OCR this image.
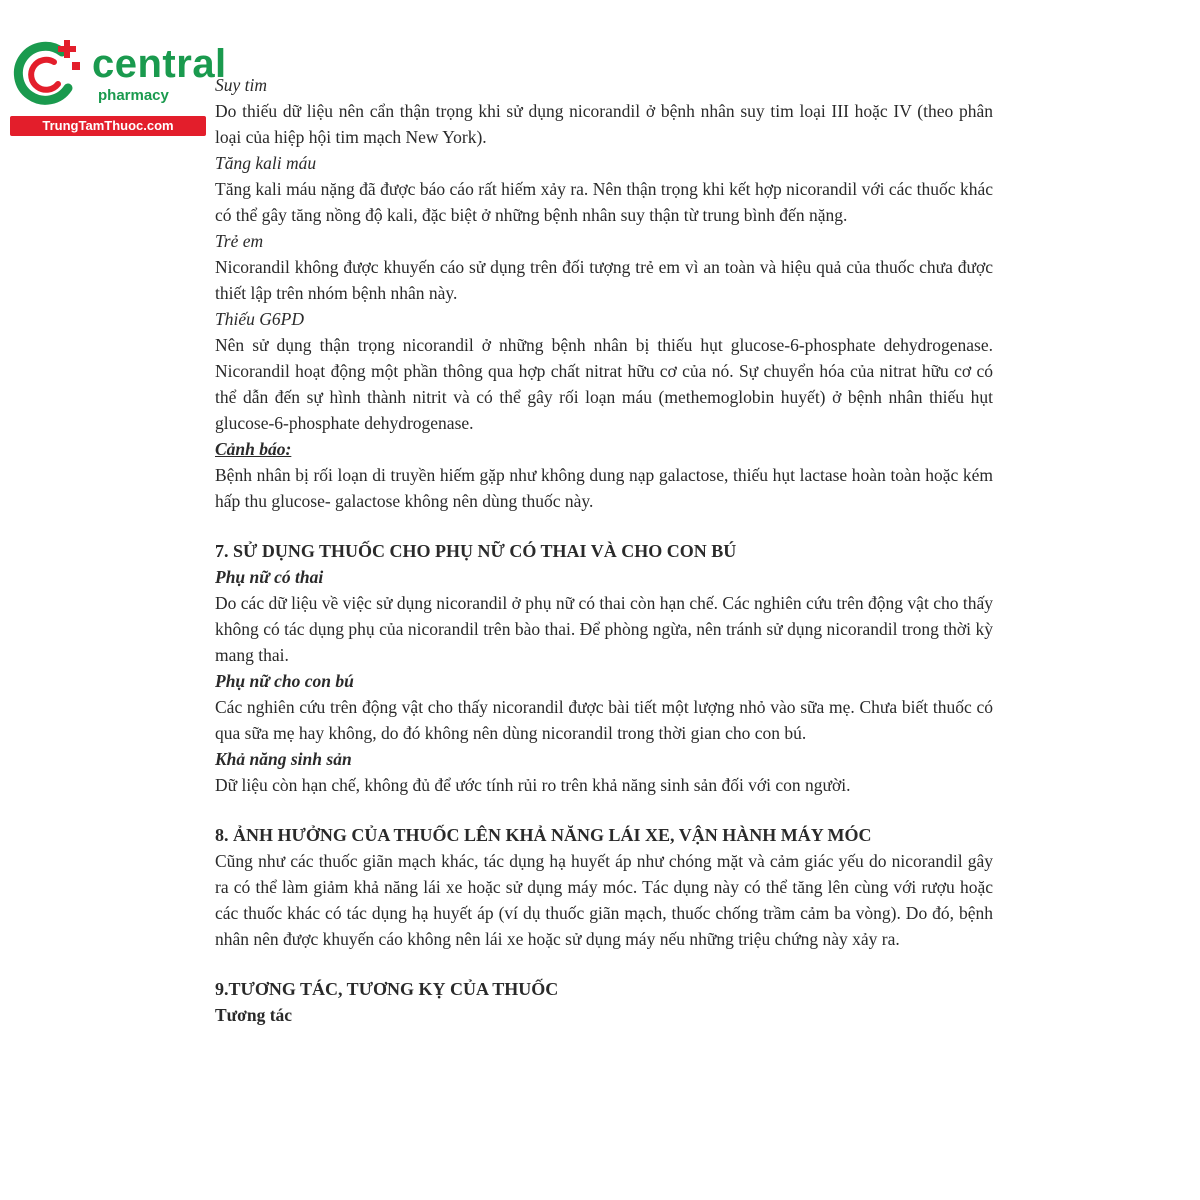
central
pharmacy
TrungTamThuoc.com
Suy tim
Do thiếu dữ liệu nên cẩn thận trọng khi sử dụng nicorandil ở bệnh nhân suy tim loại III hoặc IV (theo phân loại của hiệp hội tim mạch New York).
Tăng kali máu
Tăng kali máu nặng đã được báo cáo rất hiếm xảy ra. Nên thận trọng khi kết hợp nicorandil với các thuốc khác có thể gây tăng nồng độ kali, đặc biệt ở những bệnh nhân suy thận từ trung bình đến nặng.
Trẻ em
Nicorandil không được khuyến cáo sử dụng trên đối tượng trẻ em vì an toàn và hiệu quả của thuốc chưa được thiết lập trên nhóm bệnh nhân này.
Thiếu G6PD
Nên sử dụng thận trọng nicorandil ở những bệnh nhân bị thiếu hụt glucose-6-phosphate dehydrogenase. Nicorandil hoạt động một phần thông qua hợp chất nitrat hữu cơ của nó. Sự chuyển hóa của nitrat hữu cơ có thể dẫn đến sự hình thành nitrit và có thể gây rối loạn máu (methemoglobin huyết) ở bệnh nhân thiếu hụt glucose-6-phosphate dehydrogenase.
Cảnh báo:
Bệnh nhân bị rối loạn di truyền hiếm gặp như không dung nạp galactose, thiếu hụt lactase hoàn toàn hoặc kém hấp thu glucose- galactose không nên dùng thuốc này.
7. SỬ DỤNG THUỐC CHO PHỤ NỮ CÓ THAI VÀ CHO CON BÚ
Phụ nữ có thai
Do các dữ liệu về việc sử dụng nicorandil ở phụ nữ có thai còn hạn chế. Các nghiên cứu trên động vật cho thấy không có tác dụng phụ của nicorandil trên bào thai. Để phòng ngừa, nên tránh sử dụng nicorandil trong thời kỳ mang thai.
Phụ nữ cho con bú
Các nghiên cứu trên động vật cho thấy nicorandil được bài tiết một lượng nhỏ vào sữa mẹ. Chưa biết thuốc có qua sữa mẹ hay không, do đó không nên dùng nicorandil trong thời gian cho con bú.
Khả năng sinh sản
Dữ liệu còn hạn chế, không đủ để ước tính rủi ro trên khả năng sinh sản đối với con người.
8. ẢNH HƯỞNG CỦA THUỐC LÊN KHẢ NĂNG LÁI XE, VẬN HÀNH MÁY MÓC
Cũng như các thuốc giãn mạch khác, tác dụng hạ huyết áp như chóng mặt và cảm giác yếu do nicorandil gây ra có thể làm giảm khả năng lái xe hoặc sử dụng máy móc. Tác dụng này có thể tăng lên cùng với rượu hoặc các thuốc khác có tác dụng hạ huyết áp (ví dụ thuốc giãn mạch, thuốc chống trầm cảm ba vòng). Do đó, bệnh nhân nên được khuyến cáo không nên lái xe hoặc sử dụng máy nếu những triệu chứng này xảy ra.
9.TƯƠNG TÁC, TƯƠNG KỴ CỦA THUỐC
Tương tác
